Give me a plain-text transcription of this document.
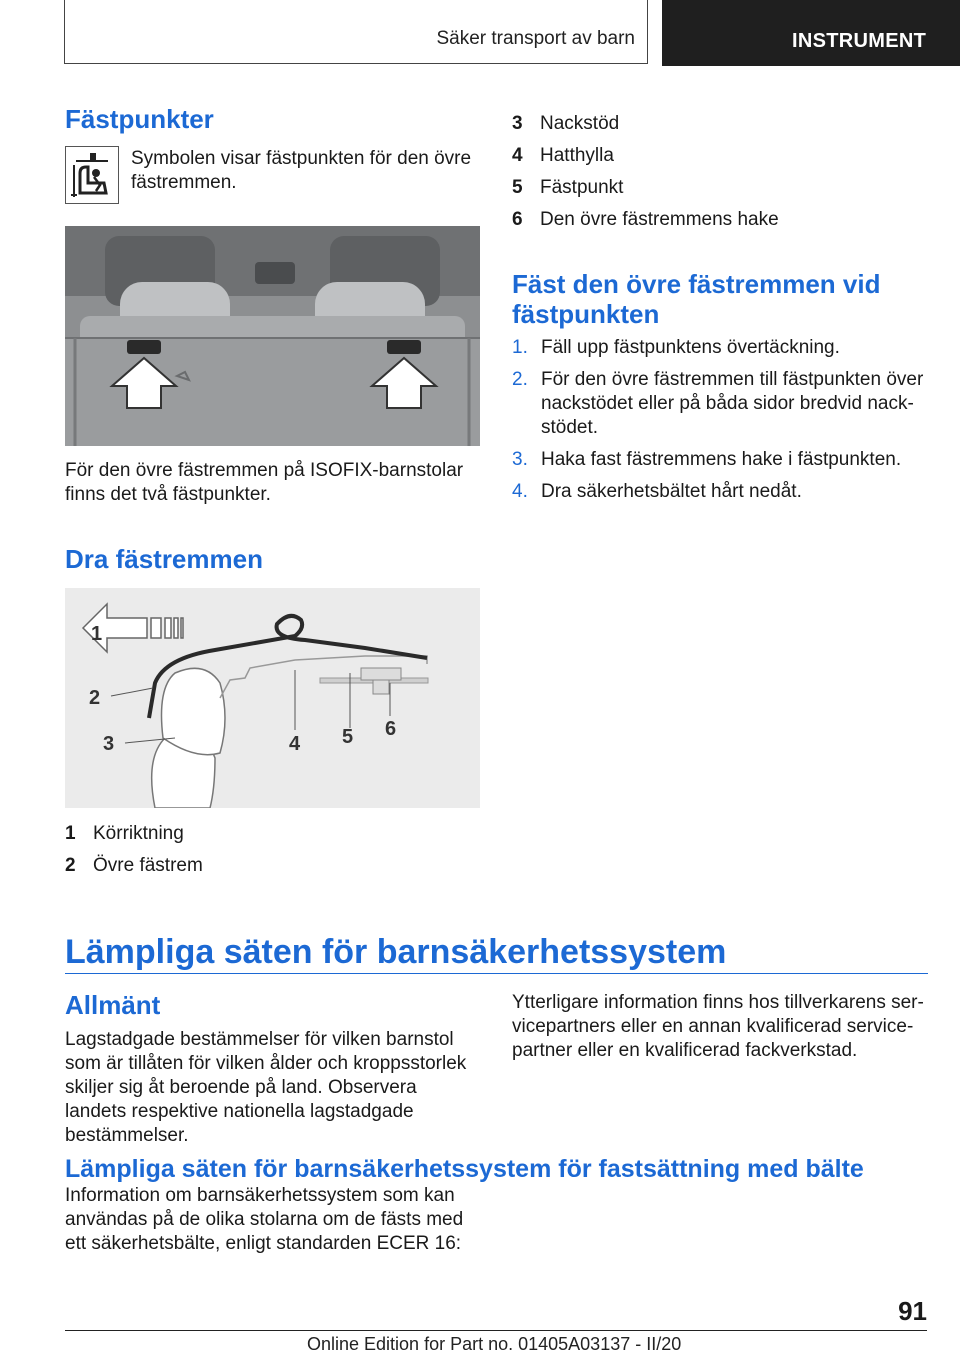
Säker transport av barn	INSTRUMENT
Fästpunkter
Symbolen visar fästpunkten för den övre fästremmen.
För den övre fästremmen på ISOFIX-barnstolar finns det två fästpunkter.
Dra fästremmen
1
2
3	4 5 6
1 Körriktning
2 Övre fästrem
3 Nackstöd
4 Hatthylla
5 Fästpunkt
6 Den övre fästremmens hake
Fäst den övre fästremmen vid fästpunkten
1. Fäll upp fästpunktens övertäckning.
2. För den övre fästremmen till fästpunkten över nackstödet eller på båda sidor bredvid nack-stödet.
3. Haka fast fästremmens hake i fästpunkten.
4. Dra säkerhetsbältet hårt nedåt.
Lämpliga säten för barnsäkerhetssystem
Allmänt
Lagstadgade bestämmelser för vilken barnstol som är tillåten för vilken ålder och kroppsstorlek skiljer sig åt beroende på land. Observera landets respektive nationella lagstadgade bestämmelser.
Ytterligare information finns hos tillverkarens ser-vicepartners eller en annan kvalificerad service-partner eller en kvalificerad fackverkstad.
Lämpliga säten för barnsäkerhetssystem för fastsättning med bälte
Information om barnsäkerhetssystem som kan användas på de olika stolarna om de fästs med ett säkerhetsbälte, enligt standarden ECER 16:
91
Online Edition for Part no. 01405A03137 - II/20
